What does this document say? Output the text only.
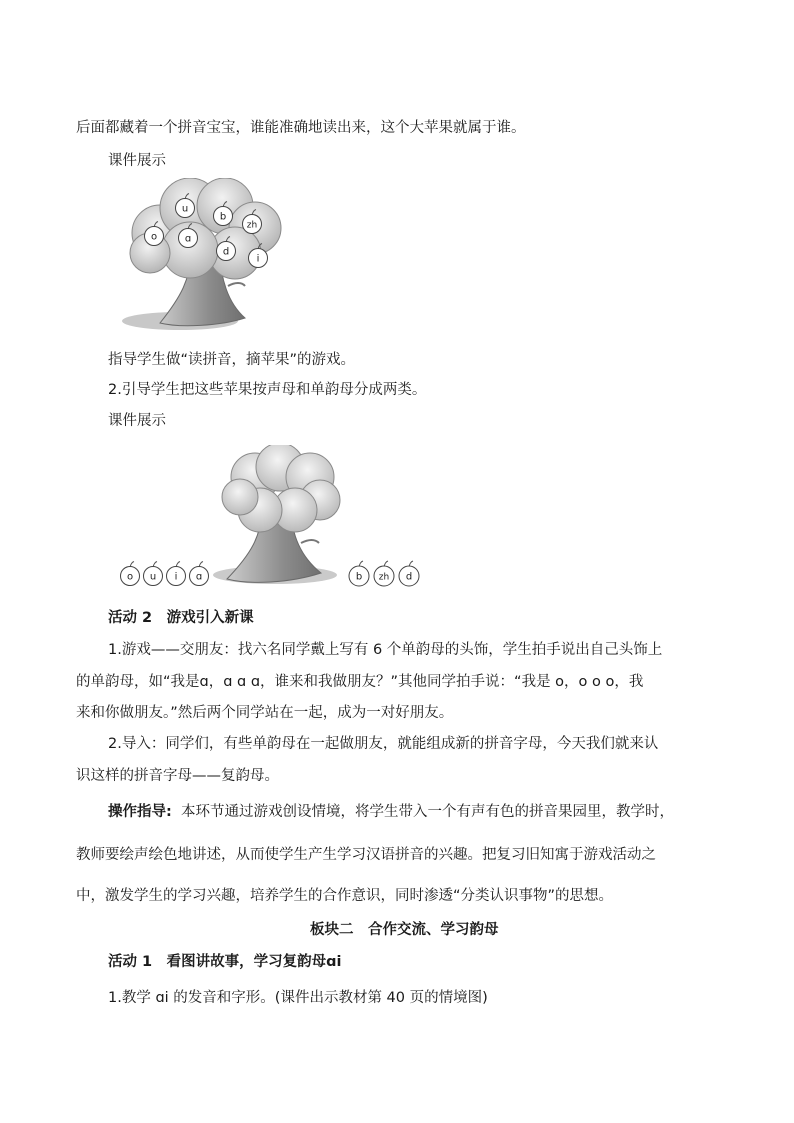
后面都藏着一个拼音宝宝，谁能准确地读出来，这个大苹果就属于谁。
课件展示
u
b
zh
o	ɑ
d
i
指导学生做“读拼音，摘苹果”的游戏。
2.引导学生把这些苹果按声母和单韵母分成两类。
课件展示
o u i ɑ	b zh d
活动 2　游戏引入新课
1.游戏——交朋友：找六名同学戴上写有 6 个单韵母的头饰，学生拍手说出自己头饰上
的单韵母，如“我是ɑ，ɑ ɑ ɑ，谁来和我做朋友？”其他同学拍手说：“我是 o，o o o，我
来和你做朋友。”然后两个同学站在一起，成为一对好朋友。
2.导入：同学们，有些单韵母在一起做朋友，就能组成新的拼音字母，今天我们就来认
识这样的拼音字母——复韵母。
操作指导: 本环节通过游戏创设情境，将学生带入一个有声有色的拼音果园里，教学时，
教师要绘声绘色地讲述，从而使学生产生学习汉语拼音的兴趣。把复习旧知寓于游戏活动之
中，激发学生的学习兴趣，培养学生的合作意识，同时渗透“分类认识事物”的思想。
板块二　合作交流、学习韵母
活动 1　看图讲故事，学习复韵母ɑi
1.教学 ɑi 的发音和字形。(课件出示教材第 40 页的情境图)
